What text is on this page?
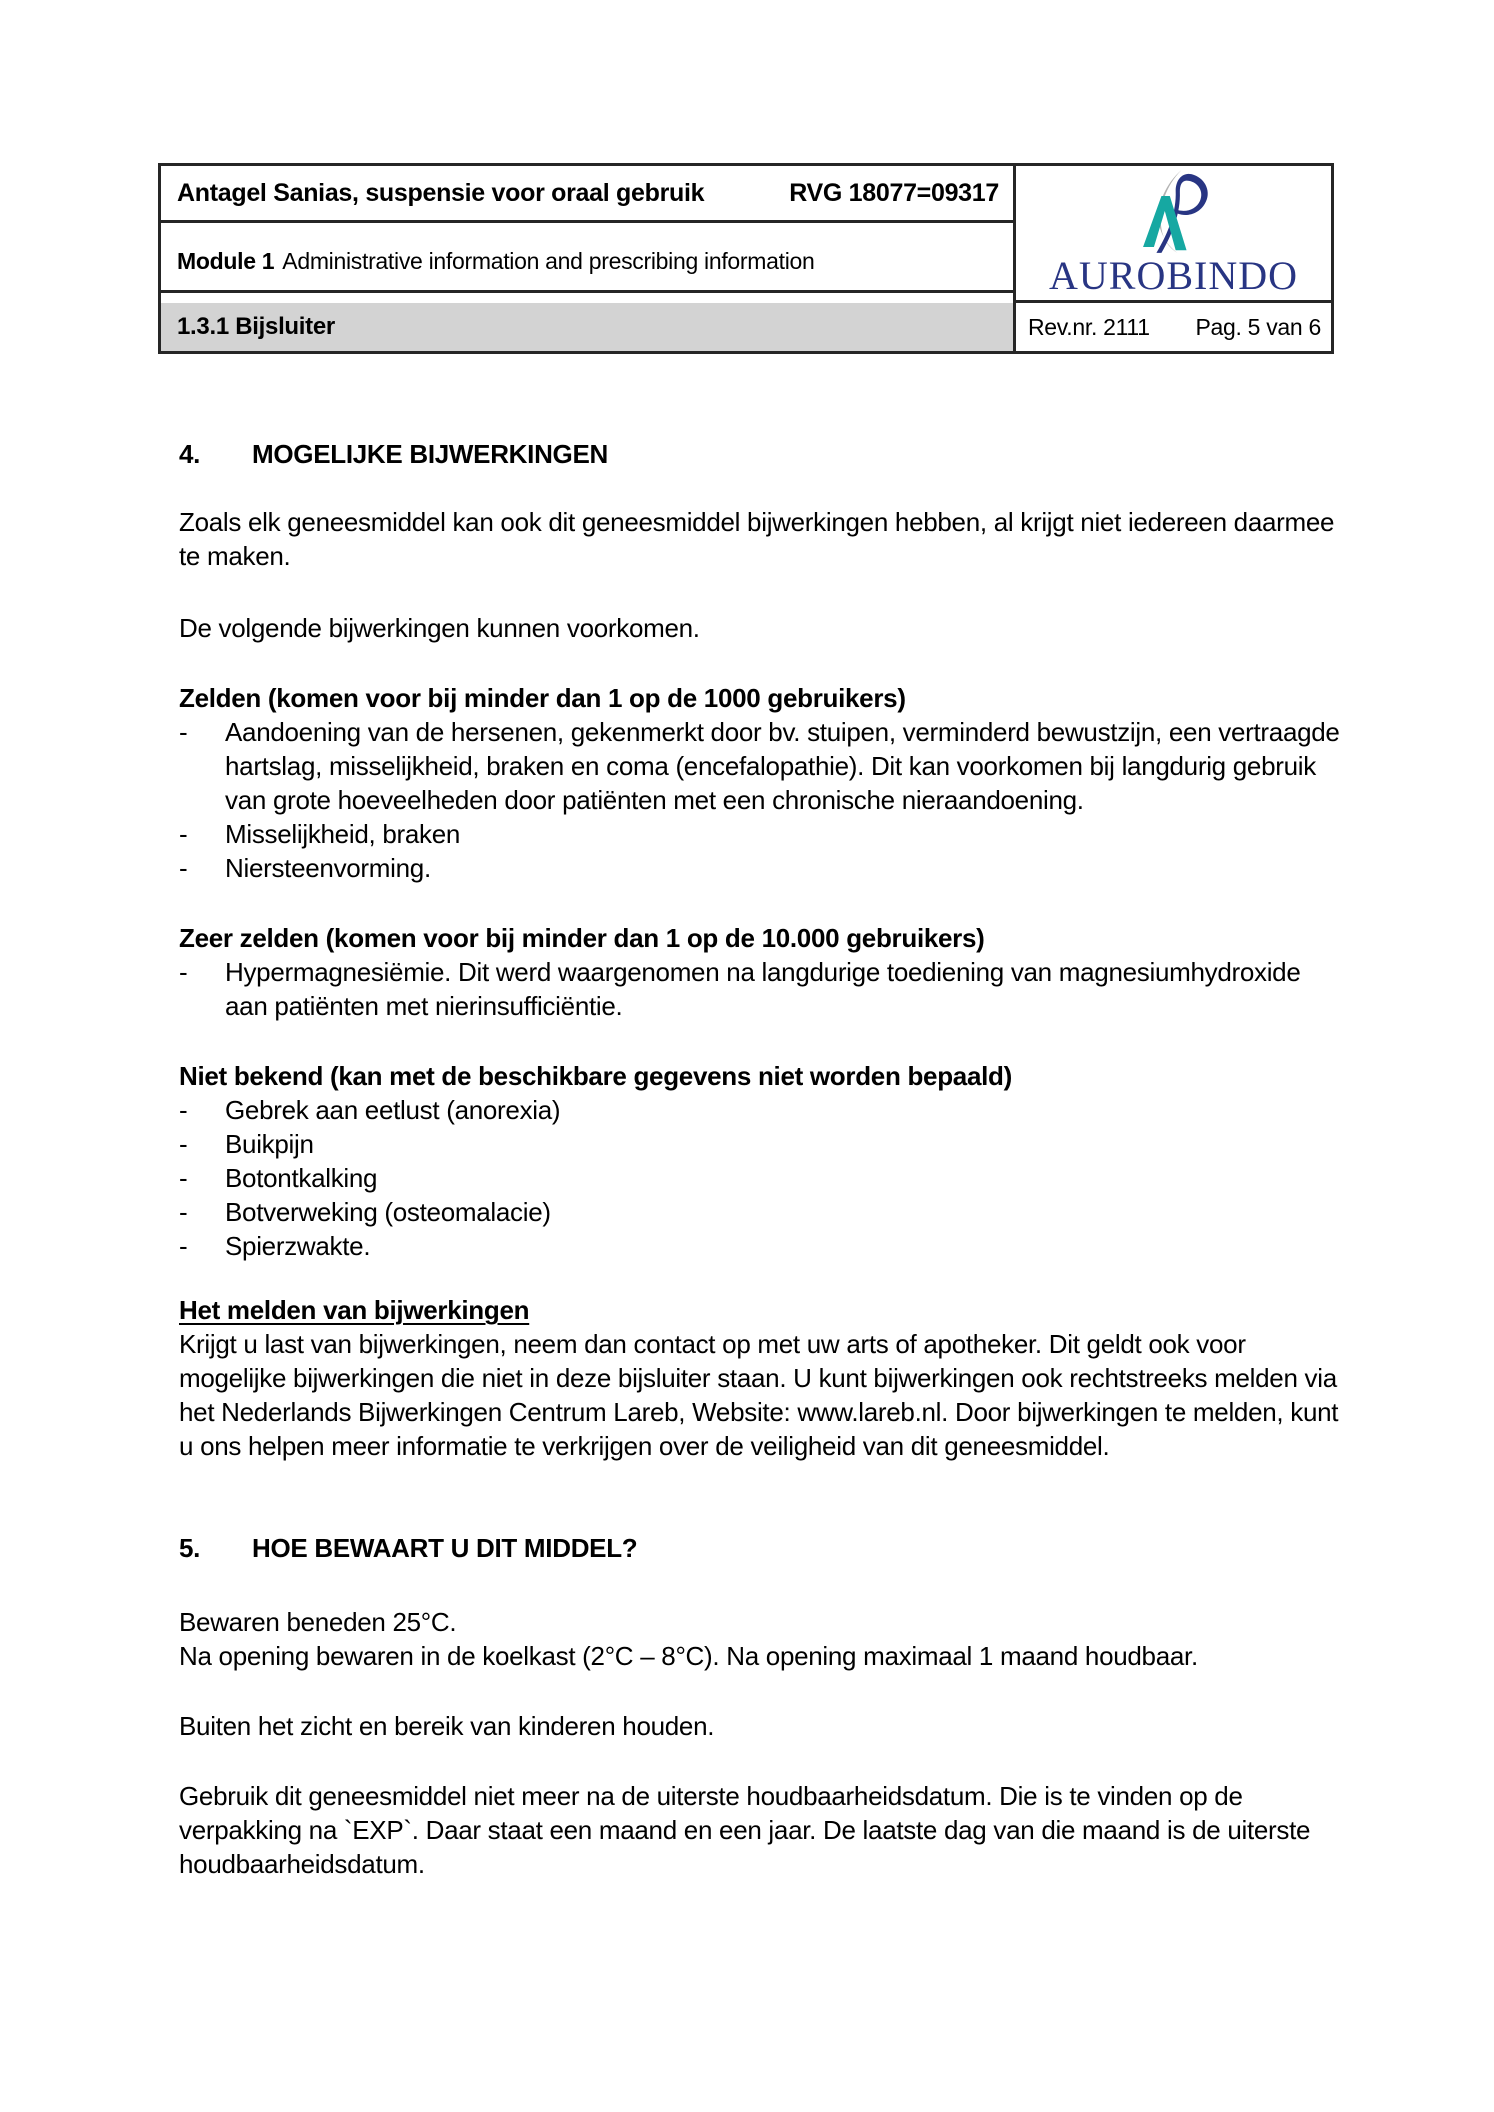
Antagel Sanias, suspensie voor oraal gebruik	RVG 18077=09317
Module 1 Administrative information and prescribing information
1.3.1 Bijsluiter
AUROBINDO
Rev.nr. 2111 Pag. 5 van 6
4. MOGELIJKE BIJWERKINGEN
Zoals elk geneesmiddel kan ook dit geneesmiddel bijwerkingen hebben, al krijgt niet iedereen daarmee
te maken.
De volgende bijwerkingen kunnen voorkomen.
Zelden (komen voor bij minder dan 1 op de 1000 gebruikers)
-	Aandoening van de hersenen, gekenmerkt door bv. stuipen, verminderd bewustzijn, een vertraagde
hartslag, misselijkheid, braken en coma (encefalopathie). Dit kan voorkomen bij langdurig gebruik
van grote hoeveelheden door patiënten met een chronische nieraandoening.
-	Misselijkheid, braken
-	Niersteenvorming.
Zeer zelden (komen voor bij minder dan 1 op de 10.000 gebruikers)
-	Hypermagnesiëmie. Dit werd waargenomen na langdurige toediening van magnesiumhydroxide
aan patiënten met nierinsufficiëntie.
Niet bekend (kan met de beschikbare gegevens niet worden bepaald)
-	Gebrek aan eetlust (anorexia)
-	Buikpijn
-	Botontkalking
-	Botverweking (osteomalacie)
-	Spierzwakte.
Het melden van bijwerkingen
Krijgt u last van bijwerkingen, neem dan contact op met uw arts of apotheker. Dit geldt ook voor
mogelijke bijwerkingen die niet in deze bijsluiter staan. U kunt bijwerkingen ook rechtstreeks melden via
het Nederlands Bijwerkingen Centrum Lareb, Website: www.lareb.nl. Door bijwerkingen te melden, kunt
u ons helpen meer informatie te verkrijgen over de veiligheid van dit geneesmiddel.
5. HOE BEWAART U DIT MIDDEL?
Bewaren beneden 25°C.
Na opening bewaren in de koelkast (2°C – 8°C). Na opening maximaal 1 maand houdbaar.
Buiten het zicht en bereik van kinderen houden.
Gebruik dit geneesmiddel niet meer na de uiterste houdbaarheidsdatum. Die is te vinden op de
verpakking na `EXP`. Daar staat een maand en een jaar. De laatste dag van die maand is de uiterste
houdbaarheidsdatum.
